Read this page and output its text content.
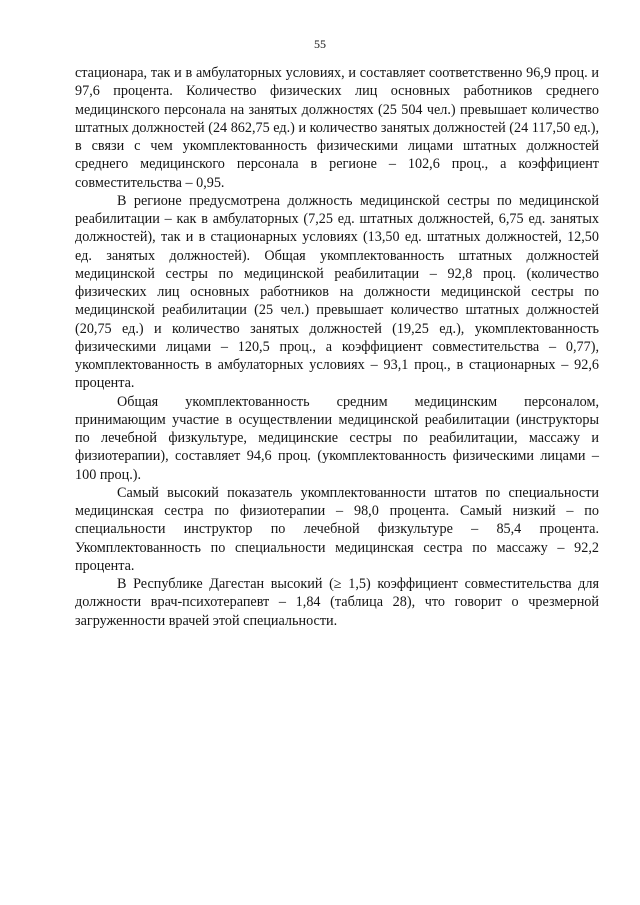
55

стационара, так и в амбулаторных условиях, и составляет соответственно 96,9 проц. и 97,6 процента. Количество физических лиц основных работников среднего медицинского персонала на занятых должностях (25 504 чел.) превышает количество штатных должностей (24 862,75 ед.) и количество занятых должностей (24 117,50 ед.), в связи с чем укомплектованность физическими лицами штатных должностей среднего медицинского персонала в регионе – 102,6 проц., а коэффициент совместительства – 0,95.

В регионе предусмотрена должность медицинской сестры по медицинской реабилитации – как в амбулаторных (7,25 ед. штатных должностей, 6,75 ед. занятых должностей), так и в стационарных условиях (13,50 ед. штатных должностей, 12,50 ед. занятых должностей). Общая укомплектованность штатных должностей медицинской сестры по медицинской реабилитации – 92,8 проц. (количество физических лиц основных работников на должности медицинской сестры по медицинской реабилитации (25 чел.) превышает количество штатных должностей (20,75 ед.) и количество занятых должностей (19,25 ед.), укомплектованность физическими лицами – 120,5 проц., а коэффициент совместительства – 0,77), укомплектованность в амбулаторных условиях – 93,1 проц., в стационарных – 92,6 процента.

Общая укомплектованность средним медицинским персоналом, принимающим участие в осуществлении медицинской реабилитации (инструкторы по лечебной физкультуре, медицинские сестры по реабилитации, массажу и физиотерапии), составляет 94,6 проц. (укомплектованность физическими лицами – 100 проц.).

Самый высокий показатель укомплектованности штатов по специальности медицинская сестра по физиотерапии – 98,0 процента. Самый низкий – по специальности инструктор по лечебной физкультуре – 85,4 процента. Укомплектованность по специальности медицинская сестра по массажу – 92,2 процента.

В Республике Дагестан высокий (≥ 1,5) коэффициент совместительства для должности врач-психотерапевт – 1,84 (таблица 28), что говорит о чрезмерной загруженности врачей этой специальности.
